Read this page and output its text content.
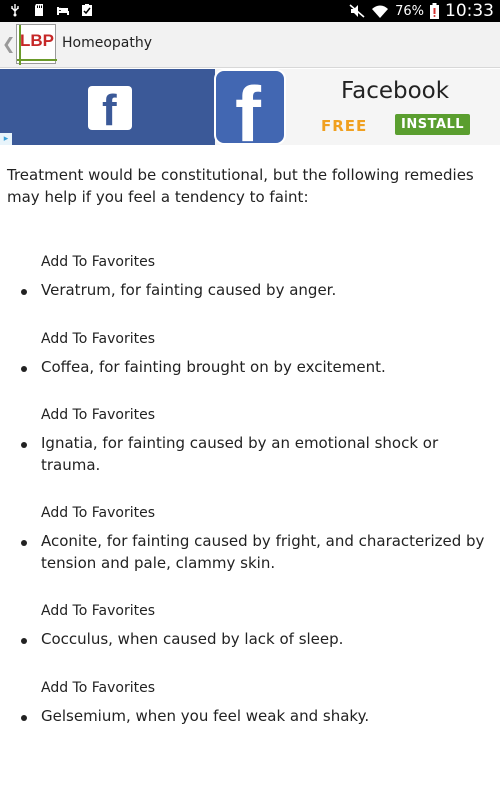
76% 10:33
❮ LBP Homeopathy
f f	Facebook
FREE	INSTALL
▸

Treatment would be constitutional, but the following remedies may help if you feel a tendency to faint:

Add To Favorites
Veratrum, for fainting caused by anger.
Add To Favorites
Coffea, for fainting brought on by excitement.
Add To Favorites
Ignatia, for fainting caused by an emotional shock or trauma.
Add To Favorites
Aconite, for fainting caused by fright, and characterized by tension and pale, clammy skin.
Add To Favorites
Cocculus, when caused by lack of sleep.
Add To Favorites
Gelsemium, when you feel weak and shaky.
